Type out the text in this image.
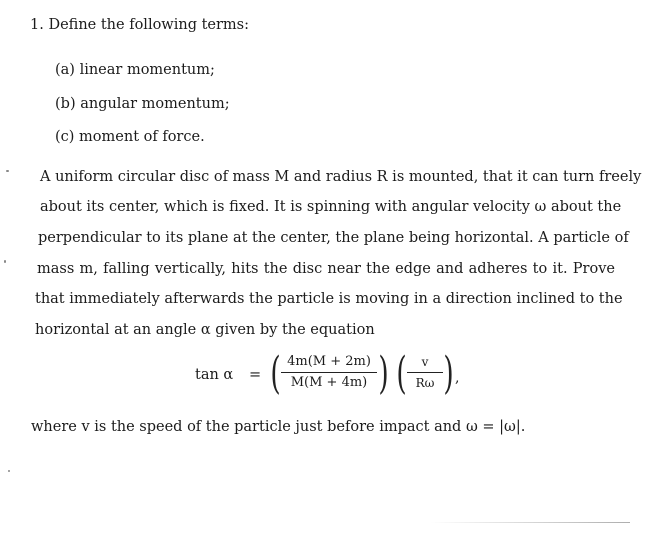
1. Define the following terms:
(a) linear momentum;
(b) angular momentum;
(c) moment of force.
A uniform circular disc of mass M and radius R is mounted, that it can turn freely
about its center, which is fixed. It is spinning with angular velocity ω about the
perpendicular to its plane at the center, the plane being horizontal. A particle of
mass m, falling vertically, hits the disc near the edge and adheres to it. Prove
that immediately afterwards the particle is moving in a direction inclined to the
horizontal at an angle α given by the equation
tan α = ( 4m(M + 2m)
M(M + 4m) ) (	v
Rω ) ,
where v is the speed of the particle just before impact and ω = |ω|.
